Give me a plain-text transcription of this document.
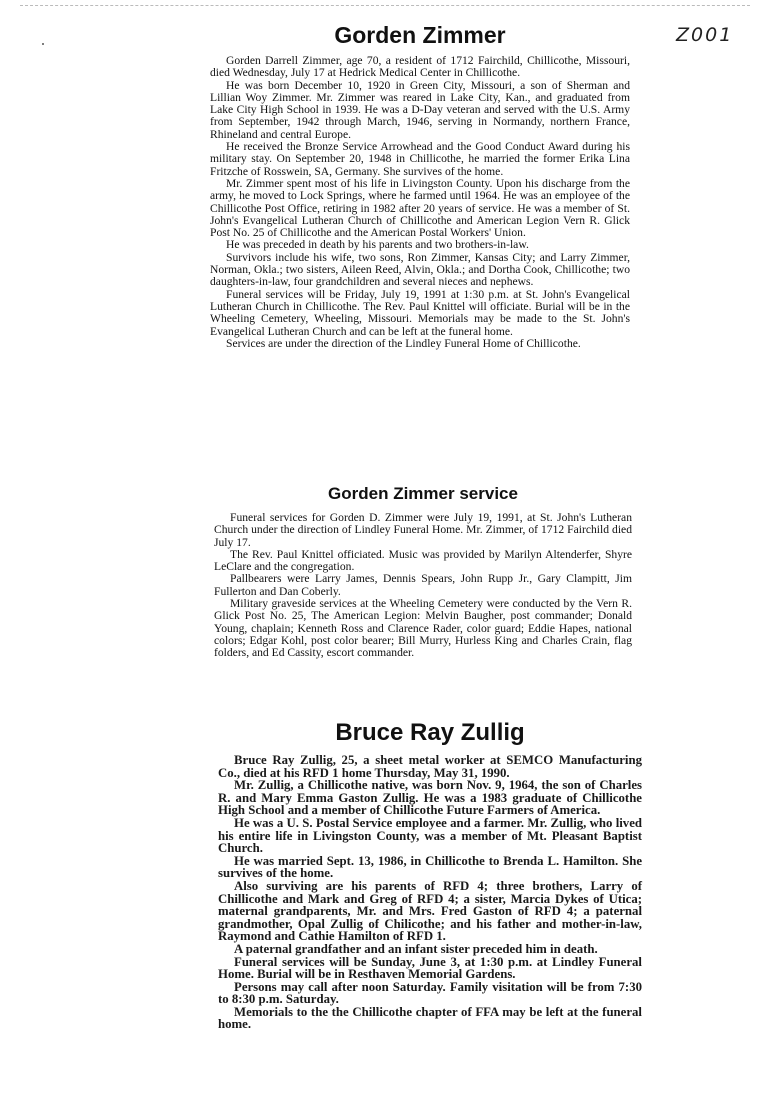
Z001
Gorden Zimmer

Gorden Darrell Zimmer, age 70, a resident of 1712 Fairchild, Chillicothe, Missouri, died Wednesday, July 17 at Hedrick Medical Center in Chillicothe.

He was born December 10, 1920 in Green City, Missouri, a son of Sherman and Lillian Woy Zimmer. Mr. Zimmer was reared in Lake City, Kan., and graduated from Lake City High School in 1939. He was a D-Day veteran and served with the U.S. Army from September, 1942 through March, 1946, serving in Normandy, northern France, Rhineland and central Europe.

He received the Bronze Service Arrowhead and the Good Conduct Award during his military stay. On September 20, 1948 in Chillicothe, he married the former Erika Lina Fritzche of Rosswein, SA, Germany. She survives of the home.

Mr. Zimmer spent most of his life in Livingston County. Upon his discharge from the army, he moved to Lock Springs, where he farmed until 1964. He was an employee of the Chillicothe Post Office, retiring in 1982 after 20 years of service. He was a member of St. John's Evangelical Lutheran Church of Chillicothe and American Legion Vern R. Glick Post No. 25 of Chillicothe and the American Postal Workers' Union.

He was preceded in death by his parents and two brothers-in-law.

Survivors include his wife, two sons, Ron Zimmer, Kansas City; and Larry Zimmer, Norman, Okla.; two sisters, Aileen Reed, Alvin, Okla.; and Dortha Cook, Chillicothe; two daughters-in-law, four grandchildren and several nieces and nephews.

Funeral services will be Friday, July 19, 1991 at 1:30 p.m. at St. John's Evangelical Lutheran Church in Chillicothe. The Rev. Paul Knittel will officiate. Burial will be in the Wheeling Cemetery, Wheeling, Missouri. Memorials may be made to the St. John's Evangelical Lutheran Church and can be left at the funeral home.

Services are under the direction of the Lindley Funeral Home of Chillicothe.

Gorden Zimmer service

Funeral services for Gorden D. Zimmer were July 19, 1991, at St. John's Lutheran Church under the direction of Lindley Funeral Home. Mr. Zimmer, of 1712 Fairchild died July 17.

The Rev. Paul Knittel officiated. Music was provided by Marilyn Altenderfer, Shyre LeClare and the congregation.

Pallbearers were Larry James, Dennis Spears, John Rupp Jr., Gary Clampitt, Jim Fullerton and Dan Coberly.

Military graveside services at the Wheeling Cemetery were conducted by the Vern R. Glick Post No. 25, The American Legion: Melvin Baugher, post commander; Donald Young, chaplain; Kenneth Ross and Clarence Rader, color guard; Eddie Hapes, national colors; Edgar Kohl, post color bearer; Bill Murry, Hurless King and Charles Crain, flag folders, and Ed Cassity, escort commander.

Bruce Ray Zullig

Bruce Ray Zullig, 25, a sheet metal worker at SEMCO Manufacturing Co., died at his RFD 1 home Thursday, May 31, 1990.

Mr. Zullig, a Chillicothe native, was born Nov. 9, 1964, the son of Charles R. and Mary Emma Gaston Zullig. He was a 1983 graduate of Chillicothe High School and a member of Chillicothe Future Farmers of America.

He was a U. S. Postal Service employee and a farmer. Mr. Zullig, who lived his entire life in Livingston County, was a member of Mt. Pleasant Baptist Church.

He was married Sept. 13, 1986, in Chillicothe to Brenda L. Hamilton. She survives of the home.

Also surviving are his parents of RFD 4; three brothers, Larry of Chillicothe and Mark and Greg of RFD 4; a sister, Marcia Dykes of Utica; maternal grandparents, Mr. and Mrs. Fred Gaston of RFD 4; a paternal grandmother, Opal Zullig of Chilicothe; and his father and mother-in-law, Raymond and Cathie Hamilton of RFD 1.

A paternal grandfather and an infant sister preceded him in death.

Funeral services will be Sunday, June 3, at 1:30 p.m. at Lindley Funeral Home. Burial will be in Resthaven Memorial Gardens.

Persons may call after noon Saturday. Family visitation will be from 7:30 to 8:30 p.m. Saturday.

Memorials to the the Chillicothe chapter of FFA may be left at the funeral home.
